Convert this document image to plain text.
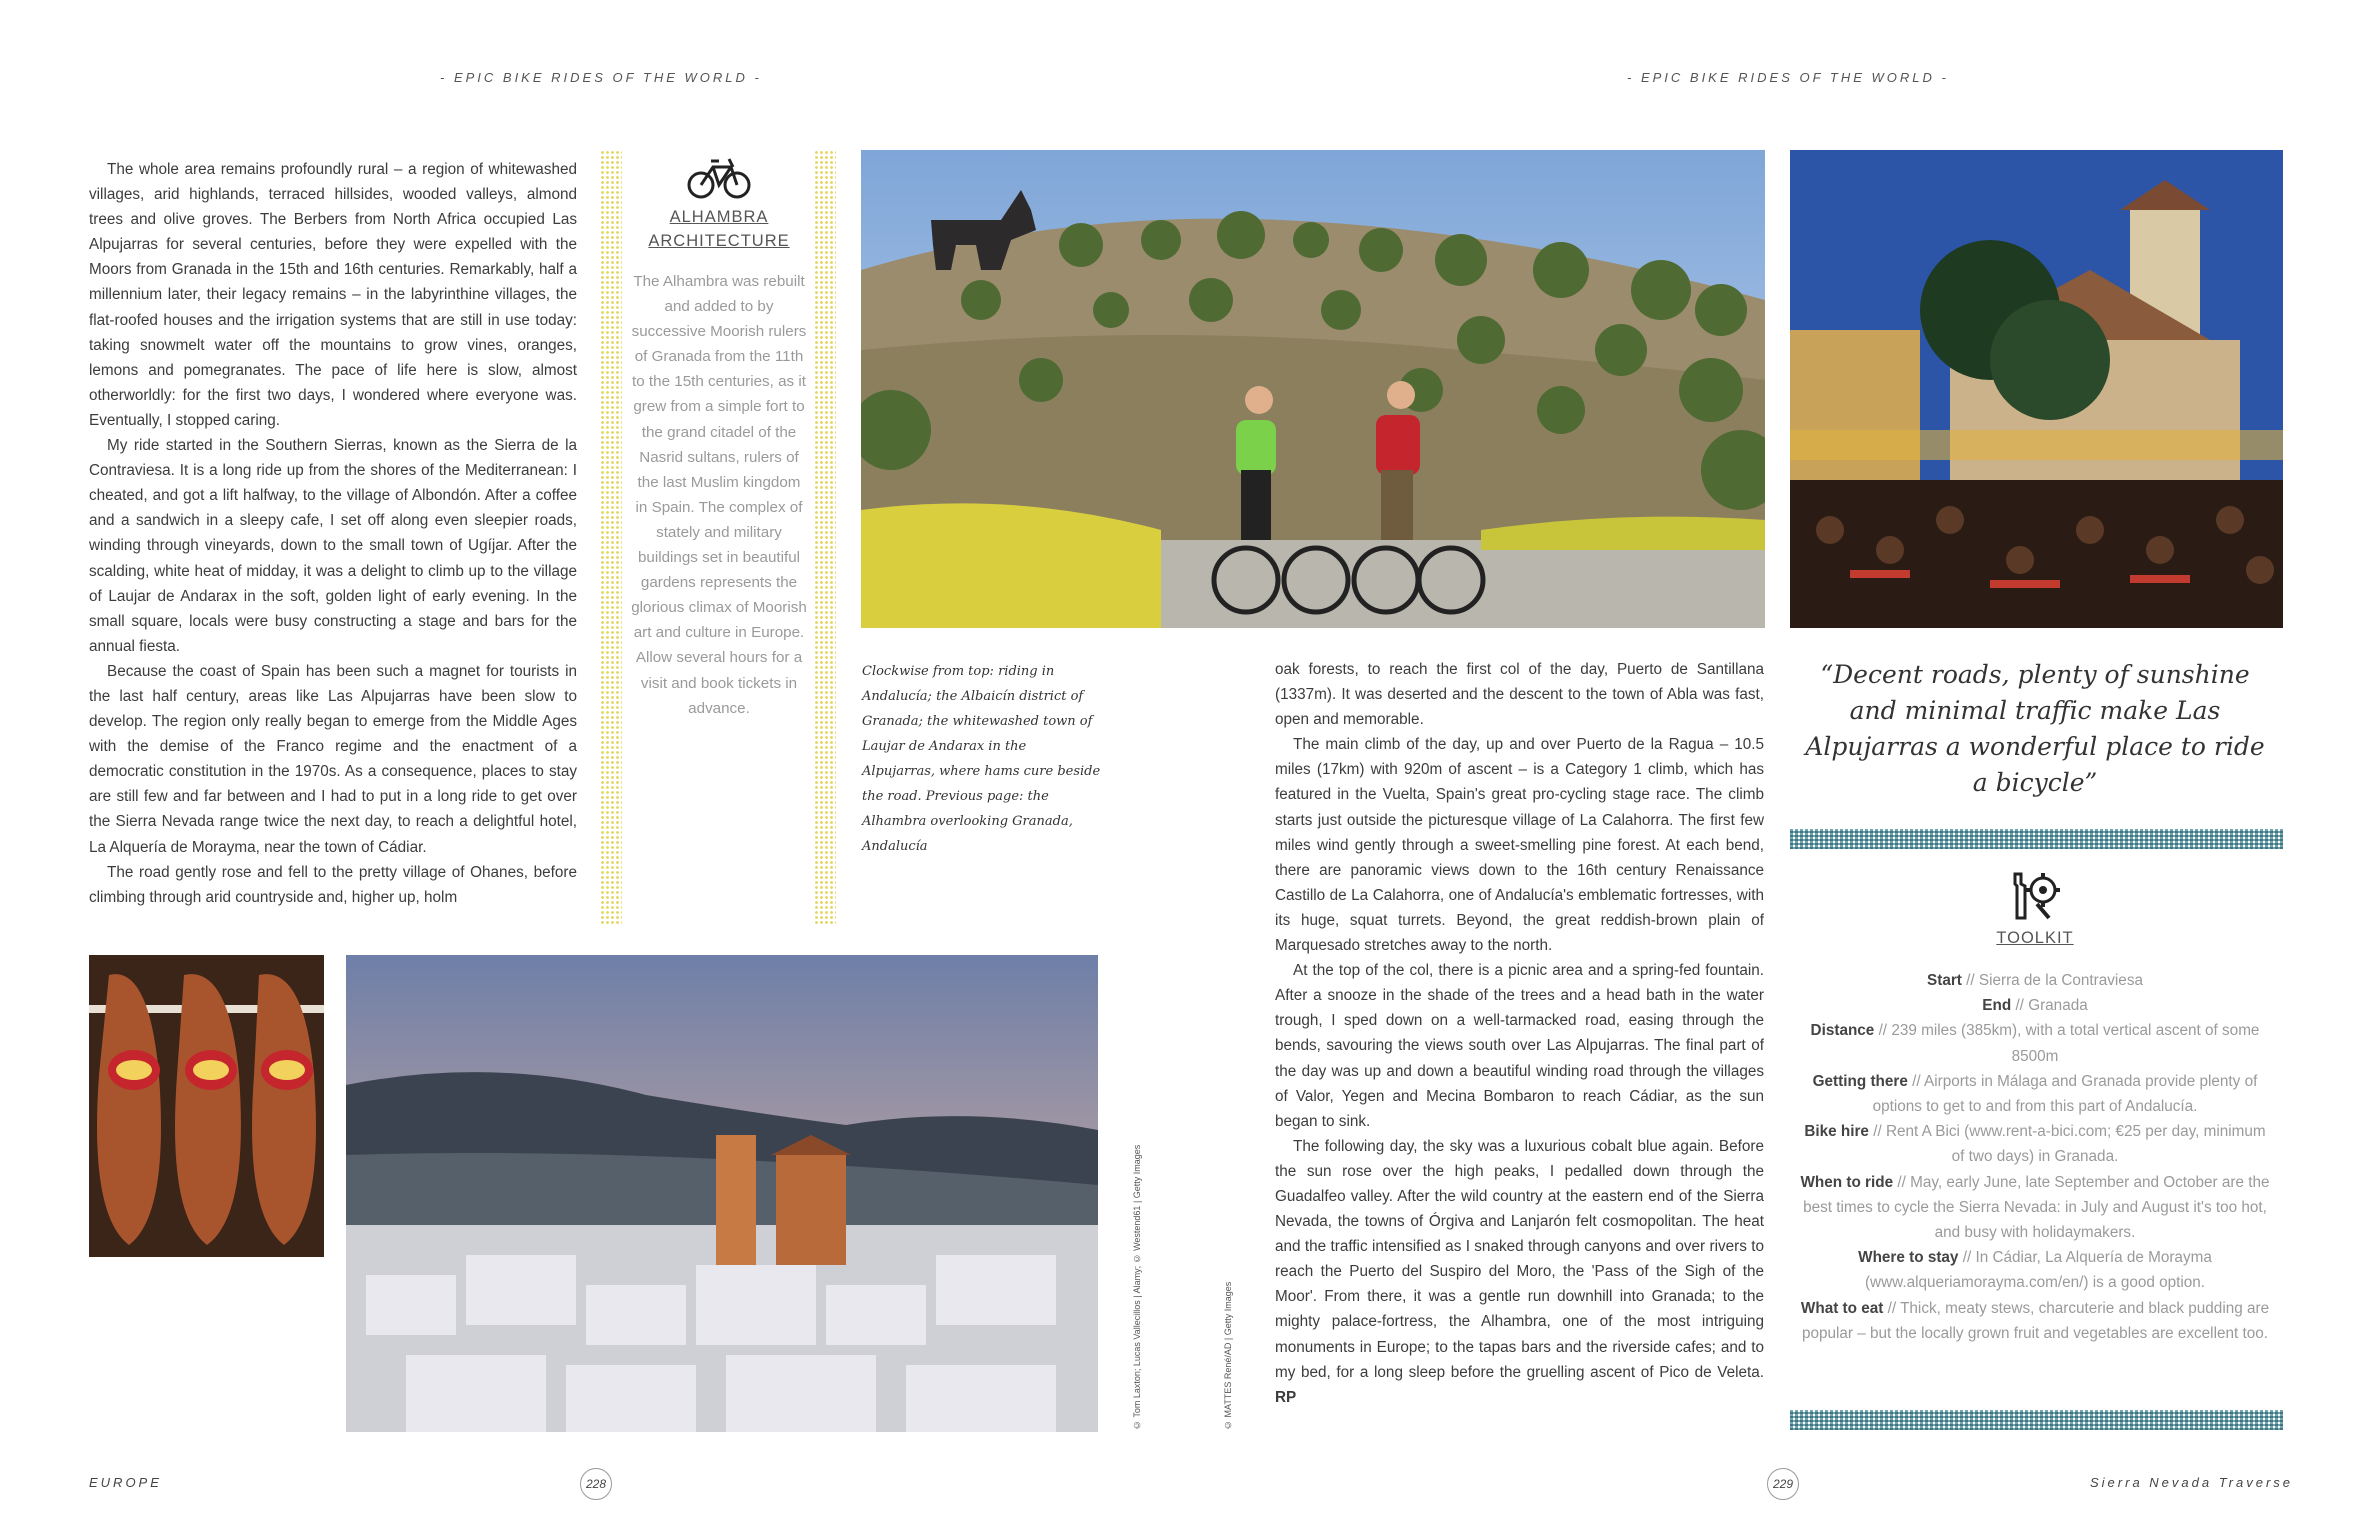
- EPIC BIKE RIDES OF THE WORLD -	- EPIC BIKE RIDES OF THE WORLD -

The whole area remains profoundly rural – a region of whitewashed villages, arid highlands, terraced hillsides, wooded valleys, almond trees and olive groves. The Berbers from North Africa occupied Las Alpujarras for several centuries, before they were expelled with the Moors from Granada in the 15th and 16th centuries. Remarkably, half a millennium later, their legacy remains – in the labyrinthine villages, the flat-roofed houses and the irrigation systems that are still in use today: taking snowmelt water off the mountains to grow vines, oranges, lemons and pomegranates. The pace of life here is slow, almost otherworldly: for the first two days, I wondered where everyone was. Eventually, I stopped caring.

My ride started in the Southern Sierras, known as the Sierra de la Contraviesa. It is a long ride up from the shores of the Mediterranean: I cheated, and got a lift halfway, to the village of Albondón. After a coffee and a sandwich in a sleepy cafe, I set off along even sleepier roads, winding through vineyards, down to the small town of Ugíjar. After the scalding, white heat of midday, it was a delight to climb up to the village of Laujar de Andarax in the soft, golden light of early evening. In the small square, locals were busy constructing a stage and bars for the annual fiesta.

Because the coast of Spain has been such a magnet for tourists in the last half century, areas like Las Alpujarras have been slow to develop. The region only really began to emerge from the Middle Ages with the demise of the Franco regime and the enactment of a democratic constitution in the 1970s. As a consequence, places to stay are still few and far between and I had to put in a long ride to get over the Sierra Nevada range twice the next day, to reach a delightful hotel, La Alquería de Morayma, near the town of Cádiar.

The road gently rose and fell to the pretty village of Ohanes, before climbing through arid countryside and, higher up, holm

ALHAMBRA
ARCHITECTURE
The Alhambra was rebuilt and added to by successive Moorish rulers of Granada from the 11th to the 15th centuries, as it grew from a simple fort to the grand citadel of the Nasrid sultans, rulers of the last Muslim kingdom in Spain. The complex of stately and military buildings set in beautiful gardens represents the glorious climax of Moorish art and culture in Europe. Allow several hours for a visit and book tickets in advance.
Clockwise from top: riding in Andalucía; the Albaicín district of Granada; the whitewashed town of Laujar de Andarax in the Alpujarras, where hams cure beside the road. Previous page: the Alhambra overlooking Granada, Andalucía

oak forests, to reach the first col of the day, Puerto de Santillana (1337m). It was deserted and the descent to the town of Abla was fast, open and memorable.

The main climb of the day, up and over Puerto de la Ragua – 10.5 miles (17km) with 920m of ascent – is a Category 1 climb, which has featured in the Vuelta, Spain's great pro-cycling stage race. The climb starts just outside the picturesque village of La Calahorra. The first few miles wind gently through a sweet-smelling pine forest. At each bend, there are panoramic views down to the 16th century Renaissance Castillo de La Calahorra, one of Andalucía's emblematic fortresses, with its huge, squat turrets. Beyond, the great reddish-brown plain of Marquesado stretches away to the north.

At the top of the col, there is a picnic area and a spring-fed fountain. After a snooze in the shade of the trees and a head bath in the water trough, I sped down on a well-tarmacked road, easing through the bends, savouring the views south over Las Alpujarras. The final part of the day was up and down a beautiful winding road through the villages of Valor, Yegen and Mecina Bombaron to reach Cádiar, as the sun began to sink.

The following day, the sky was a luxurious cobalt blue again. Before the sun rose over the high peaks, I pedalled down through the Guadalfeo valley. After the wild country at the eastern end of the Sierra Nevada, the towns of Órgiva and Lanjarón felt cosmopolitan. The heat and the traffic intensified as I snaked through canyons and over rivers to reach the Puerto del Suspiro del Moro, the 'Pass of the Sigh of the Moor'. From there, it was a gentle run downhill into Granada; to the mighty palace-fortress, the Alhambra, one of the most intriguing monuments in Europe; to the tapas bars and the riverside cafes; and to my bed, for a long sleep before the gruelling ascent of Pico de Veleta. RP

“Decent roads, plenty of sunshine and minimal traffic make Las Alpujarras a wonderful place to ride a bicycle”
TOOLKIT
Start // Sierra de la Contraviesa
End // Granada
Distance // 239 miles (385km), with a total vertical ascent of some 8500m
Getting there // Airports in Málaga and Granada provide plenty of options to get to and from this part of Andalucía.
Bike hire // Rent A Bici (www.rent-a-bici.com; €25 per day, minimum of two days) in Granada.
When to ride // May, early June, late September and October are the best times to cycle the Sierra Nevada: in July and August it's too hot, and busy with holidaymakers.
Where to stay // In Cádiar, La Alquería de Morayma (www.alqueriamorayma.com/en/) is a good option.
What to eat // Thick, meaty stews, charcuterie and black pudding are popular – but the locally grown fruit and vegetables are excellent too.
© Tom Laxton; Lucas Vallecillos | Alamy; © Westend61 | Getty Images	© MATTES René/AD | Getty Images
EUROPE	228	229	Sierra Nevada Traverse
